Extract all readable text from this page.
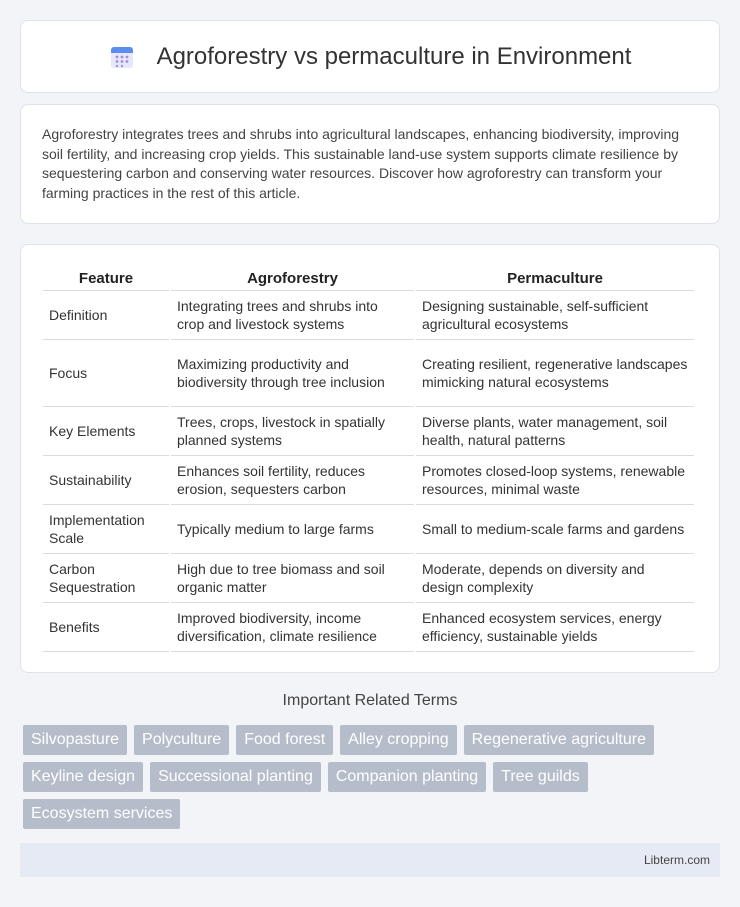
Agroforestry vs permaculture in Environment

Agroforestry integrates trees and shrubs into agricultural landscapes, enhancing biodiversity, improving soil fertility, and increasing crop yields. This sustainable land-use system supports climate resilience by sequestering carbon and conserving water resources. Discover how agroforestry can transform your farming practices in the rest of this article.

Feature	Agroforestry	Permaculture
Definition	Integrating trees and shrubs into crop and livestock systems	Designing sustainable, self-sufficient agricultural ecosystems
Focus	Maximizing productivity and biodiversity through tree inclusion	Creating resilient, regenerative landscapes mimicking natural ecosystems
Key Elements	Trees, crops, livestock in spatially planned systems	Diverse plants, water management, soil health, natural patterns
Sustainability	Enhances soil fertility, reduces erosion, sequesters carbon	Promotes closed-loop systems, renewable resources, minimal waste
Implementation Scale	Typically medium to large farms	Small to medium-scale farms and gardens
Carbon Sequestration	High due to tree biomass and soil organic matter	Moderate, depends on diversity and design complexity
Benefits	Improved biodiversity, income diversification, climate resilience	Enhanced ecosystem services, energy efficiency, sustainable yields
Important Related Terms
Silvopasture	Polyculture	Food forest	Alley cropping	Regenerative agriculture
Keyline design	Successional planting	Companion planting	Tree guilds
Ecosystem services
Libterm.com
